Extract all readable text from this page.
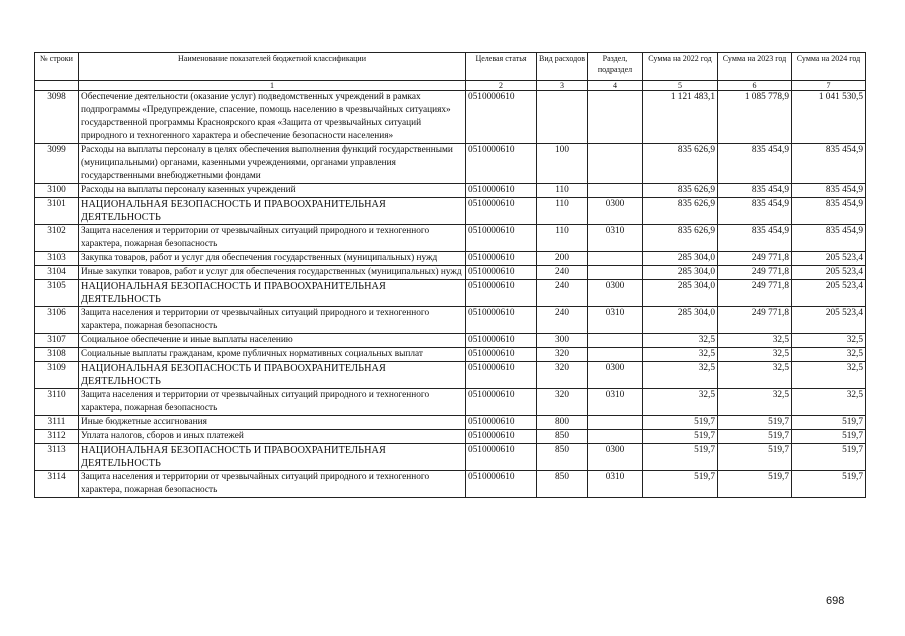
№ строки	Наименование показателей бюджетной классификации	Целевая статья	Вид расходов	Раздел, подраздел	Сумма на 2022 год	Сумма на 2023 год	Сумма на 2024 год
	1	2	3	4	5	6	7
3098	Обеспечение деятельности (оказание услуг) подведомственных учреждений в рамках подпрограммы «Предупреждение, спасение, помощь населению в чрезвычайных ситуациях» государственной программы Красноярского края «Защита от чрезвычайных ситуаций природного и техногенного характера и обеспечение безопасности населения»	0510000610			1 121 483,1	1 085 778,9	1 041 530,5
3099	Расходы на выплаты персоналу в целях обеспечения выполнения функций государственными (муниципальными) органами, казенными учреждениями, органами управления государственными внебюджетными фондами	0510000610	100		835 626,9	835 454,9	835 454,9
3100	Расходы на выплаты персоналу казенных учреждений	0510000610	110		835 626,9	835 454,9	835 454,9
3101	НАЦИОНАЛЬНАЯ БЕЗОПАСНОСТЬ И ПРАВООХРАНИТЕЛЬНАЯ ДЕЯТЕЛЬНОСТЬ	0510000610	110	0300	835 626,9	835 454,9	835 454,9
3102	Защита населения и территории от чрезвычайных ситуаций природного и техногенного характера, пожарная безопасность	0510000610	110	0310	835 626,9	835 454,9	835 454,9
3103	Закупка товаров, работ и услуг для обеспечения государственных (муниципальных) нужд	0510000610	200		285 304,0	249 771,8	205 523,4
3104	Иные закупки товаров, работ и услуг для обеспечения государственных (муниципальных) нужд	0510000610	240		285 304,0	249 771,8	205 523,4
3105	НАЦИОНАЛЬНАЯ БЕЗОПАСНОСТЬ И ПРАВООХРАНИТЕЛЬНАЯ ДЕЯТЕЛЬНОСТЬ	0510000610	240	0300	285 304,0	249 771,8	205 523,4
3106	Защита населения и территории от чрезвычайных ситуаций природного и техногенного характера, пожарная безопасность	0510000610	240	0310	285 304,0	249 771,8	205 523,4
3107	Социальное обеспечение и иные выплаты населению	0510000610	300		32,5	32,5	32,5
3108	Социальные выплаты гражданам, кроме публичных нормативных социальных выплат	0510000610	320		32,5	32,5	32,5
3109	НАЦИОНАЛЬНАЯ БЕЗОПАСНОСТЬ И ПРАВООХРАНИТЕЛЬНАЯ ДЕЯТЕЛЬНОСТЬ	0510000610	320	0300	32,5	32,5	32,5
3110	Защита населения и территории от чрезвычайных ситуаций природного и техногенного характера, пожарная безопасность	0510000610	320	0310	32,5	32,5	32,5
3111	Иные бюджетные ассигнования	0510000610	800		519,7	519,7	519,7
3112	Уплата налогов, сборов и иных платежей	0510000610	850		519,7	519,7	519,7
3113	НАЦИОНАЛЬНАЯ БЕЗОПАСНОСТЬ И ПРАВООХРАНИТЕЛЬНАЯ ДЕЯТЕЛЬНОСТЬ	0510000610	850	0300	519,7	519,7	519,7
3114	Защита населения и территории от чрезвычайных ситуаций природного и техногенного характера, пожарная безопасность	0510000610	850	0310	519,7	519,7	519,7
698
